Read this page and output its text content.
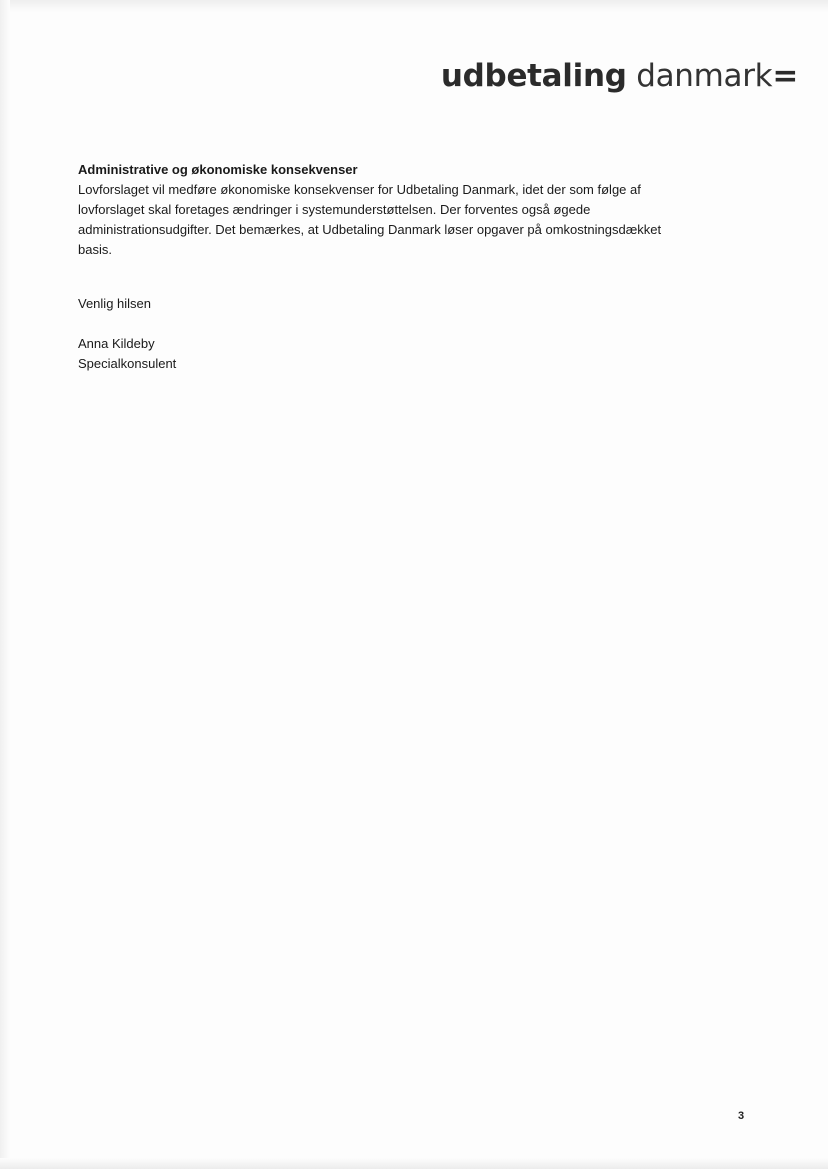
udbetaling danmark=
Administrative og økonomiske konsekvenser
Lovforslaget vil medføre økonomiske konsekvenser for Udbetaling Danmark, idet der som følge af
lovforslaget skal foretages ændringer i systemunderstøttelsen. Der forventes også øgede
administrationsudgifter. Det bemærkes, at Udbetaling Danmark løser opgaver på omkostningsdækket
basis.
Venlig hilsen
Anna Kildeby
Specialkonsulent
3
